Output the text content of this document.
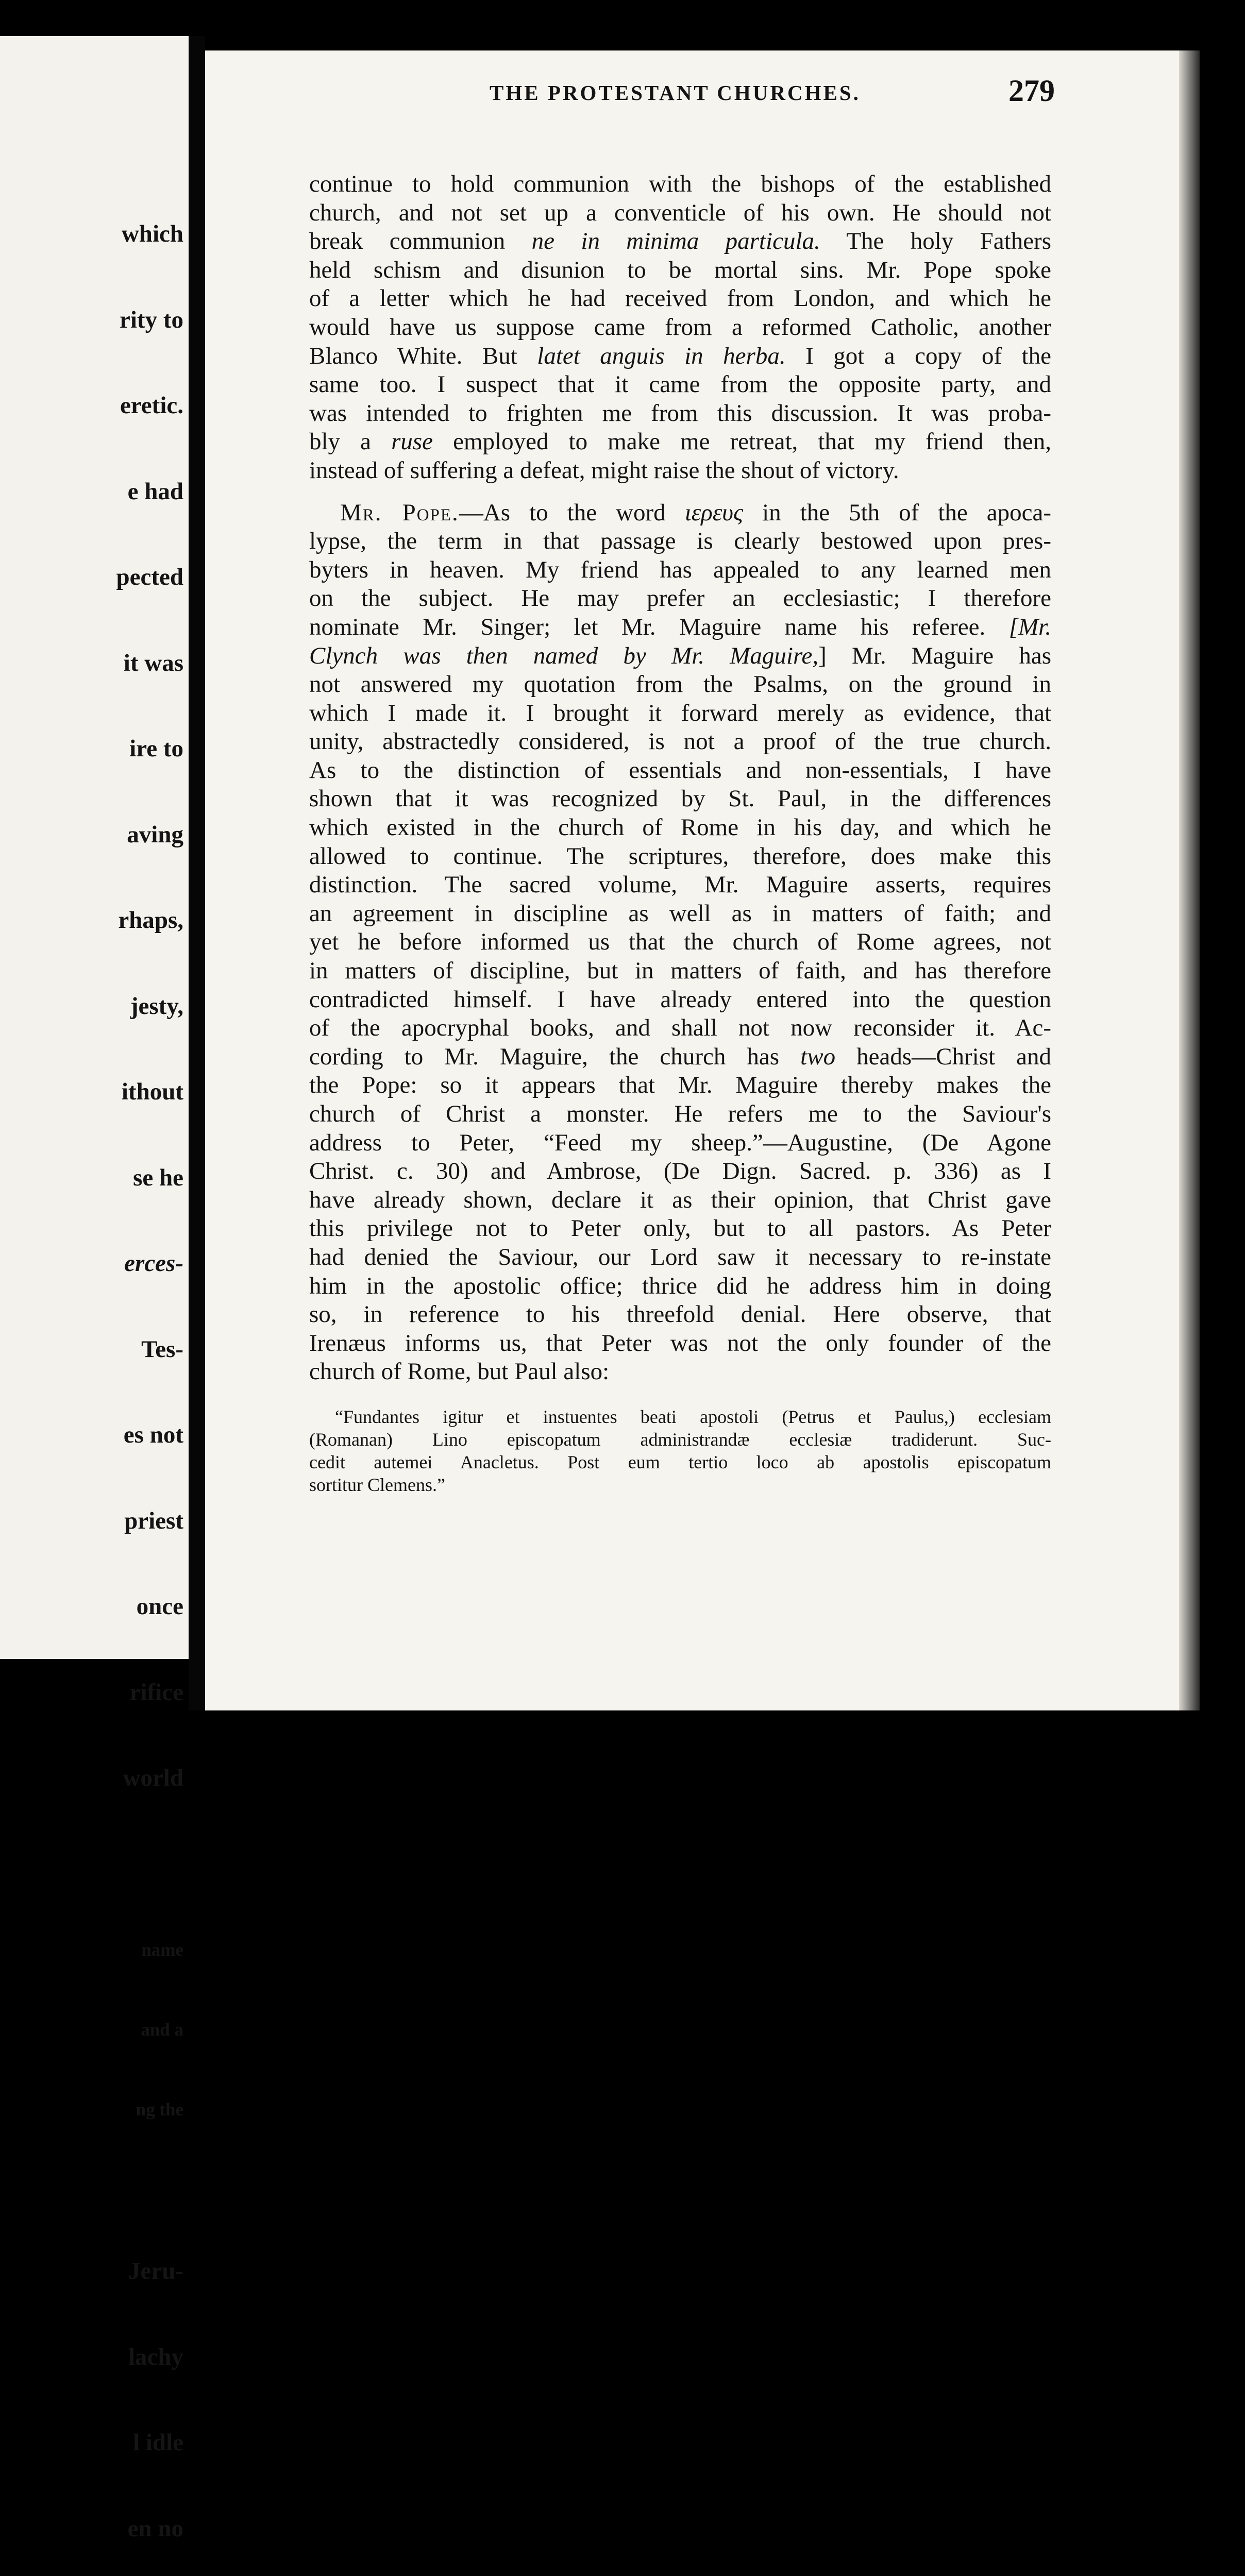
which

rity to

eretic.

e had

pected

it was

ire to

aving

rhaps,

jesty,

ithout

se he

erces-

Tes-

es not

priest

once

rifice

world

name

and a

ng the

Jeru-

lachy

l idle

en no

THE PROTESTANT CHURCHES.	279
continue to hold communion with the bishops of the established
church, and not set up a conventicle of his own. He should not
break communion ne in minima particula. The holy Fathers
held schism and disunion to be mortal sins. Mr. Pope spoke
of a letter which he had received from London, and which he
would have us suppose came from a reformed Catholic, another
Blanco White. But latet anguis in herba. I got a copy of the
same too. I suspect that it came from the opposite party, and
was intended to frighten me from this discussion. It was proba-
bly a ruse employed to make me retreat, that my friend then,
instead of suffering a defeat, might raise the shout of victory.
Mr. Pope.—As to the word ιερευς in the 5th of the apoca-
lypse, the term in that passage is clearly bestowed upon pres-
byters in heaven. My friend has appealed to any learned men
on the subject. He may prefer an ecclesiastic; I therefore
nominate Mr. Singer; let Mr. Maguire name his referee. [Mr.
Clynch was then named by Mr. Maguire,] Mr. Maguire has
not answered my quotation from the Psalms, on the ground in
which I made it. I brought it forward merely as evidence, that
unity, abstractedly considered, is not a proof of the true church.
As to the distinction of essentials and non-essentials, I have
shown that it was recognized by St. Paul, in the differences
which existed in the church of Rome in his day, and which he
allowed to continue. The scriptures, therefore, does make this
distinction. The sacred volume, Mr. Maguire asserts, requires
an agreement in discipline as well as in matters of faith; and
yet he before informed us that the church of Rome agrees, not
in matters of discipline, but in matters of faith, and has therefore
contradicted himself. I have already entered into the question
of the apocryphal books, and shall not now reconsider it. Ac-
cording to Mr. Maguire, the church has two heads—Christ and
the Pope: so it appears that Mr. Maguire thereby makes the
church of Christ a monster. He refers me to the Saviour's
address to Peter, “Feed my sheep.”—Augustine, (De Agone
Christ. c. 30) and Ambrose, (De Dign. Sacred. p. 336) as I
have already shown, declare it as their opinion, that Christ gave
this privilege not to Peter only, but to all pastors. As Peter
had denied the Saviour, our Lord saw it necessary to re-instate
him in the apostolic office; thrice did he address him in doing
so, in reference to his threefold denial. Here observe, that
Irenæus informs us, that Peter was not the only founder of the
church of Rome, but Paul also:
“Fundantes igitur et instuentes beati apostoli (Petrus et Paulus,) ecclesiam
(Romanan) Lino episcopatum administrandæ ecclesiæ tradiderunt. Suc-
cedit autemei Anacletus. Post eum tertio loco ab apostolis episcopatum
sortitur Clemens.”
